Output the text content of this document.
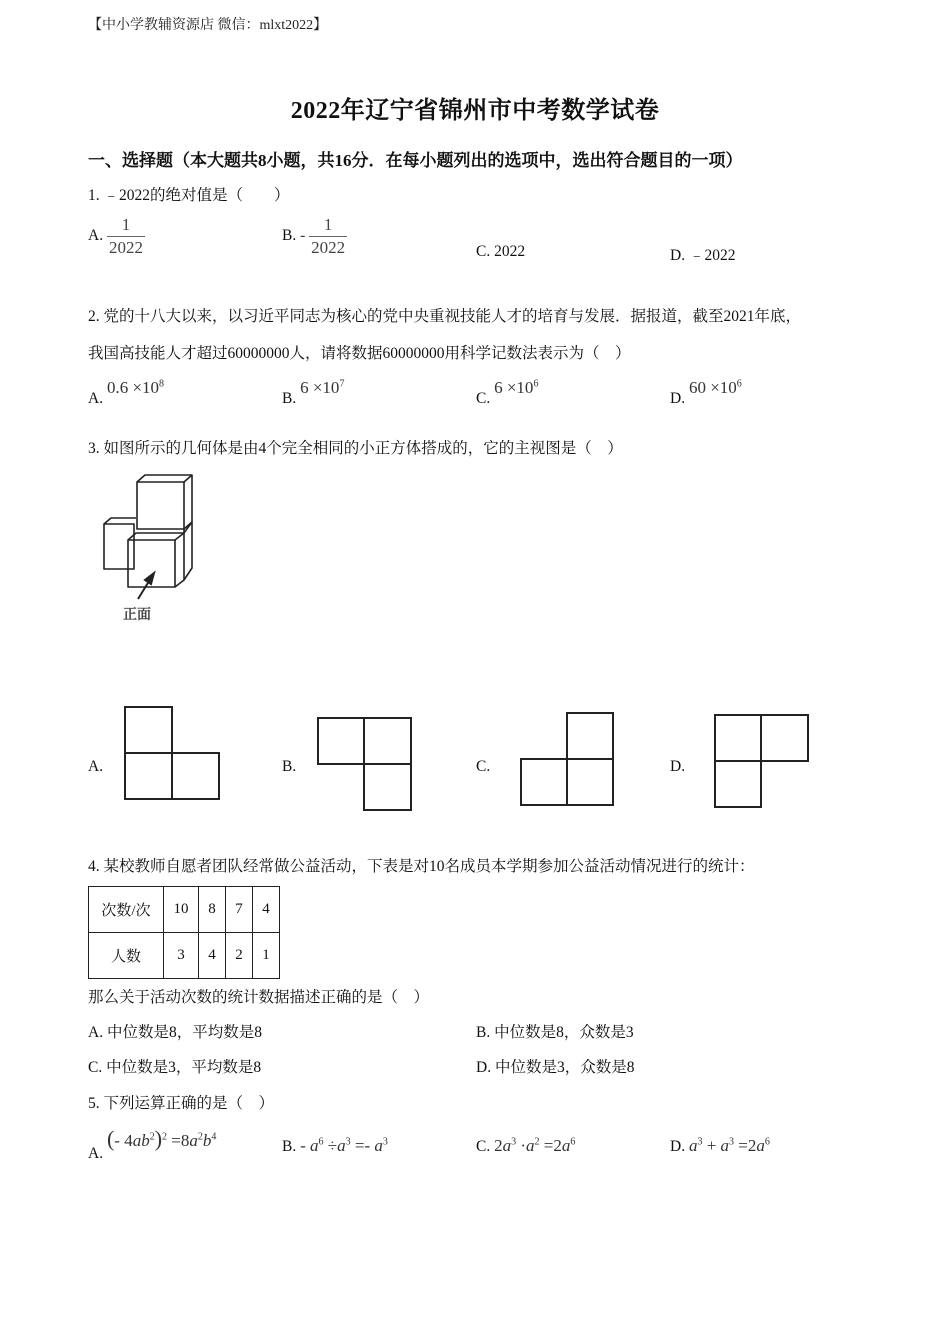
【中小学教辅资源店 微信：mlxt2022】
2022年辽宁省锦州市中考数学试卷
一、选择题（本大题共8小题，共16分．在每小题列出的选项中，选出符合题目的一项）
1. ﹣2022的绝对值是（　　）
A. $\frac{1}{2022}$	B. - $\frac{1}{2022}$	C. 2022	D. ﹣2022
2. 党的十八大以来，以习近平同志为核心的党中央重视技能人才的培育与发展．据报道，截至2021年底，
我国高技能人才超过60000000人，请将数据60000000用科学记数法表示为（　）
A. $0.6 \times 10^8$
B. $6 \times 10^7$
C. $6 \times 10^6$
D. $60 \times 10^6$
3. 如图所示的几何体是由4个完全相同的小正方体搭成的，它的主视图是（　）
正面
A.	B.	C.	D.
4. 某校教师自愿者团队经常做公益活动，下表是对10名成员本学期参加公益活动情况进行的统计：
次数/次	10	8	7	4
人数	3	4	2	1
那么关于活动次数的统计数据描述正确的是（　）
A. 中位数是8，平均数是8	B. 中位数是8，众数是3
C. 中位数是3，平均数是8	D. 中位数是3，众数是8
5. 下列运算正确的是（　）
A. (- $4ab^2)^2 =8a^2b^4$
B. - $a^6 \div a^3 =- a^3$	C. $2a^3 \cdot a^2 =2a^6$	D. $a^3 + a^3 =2a^6$
